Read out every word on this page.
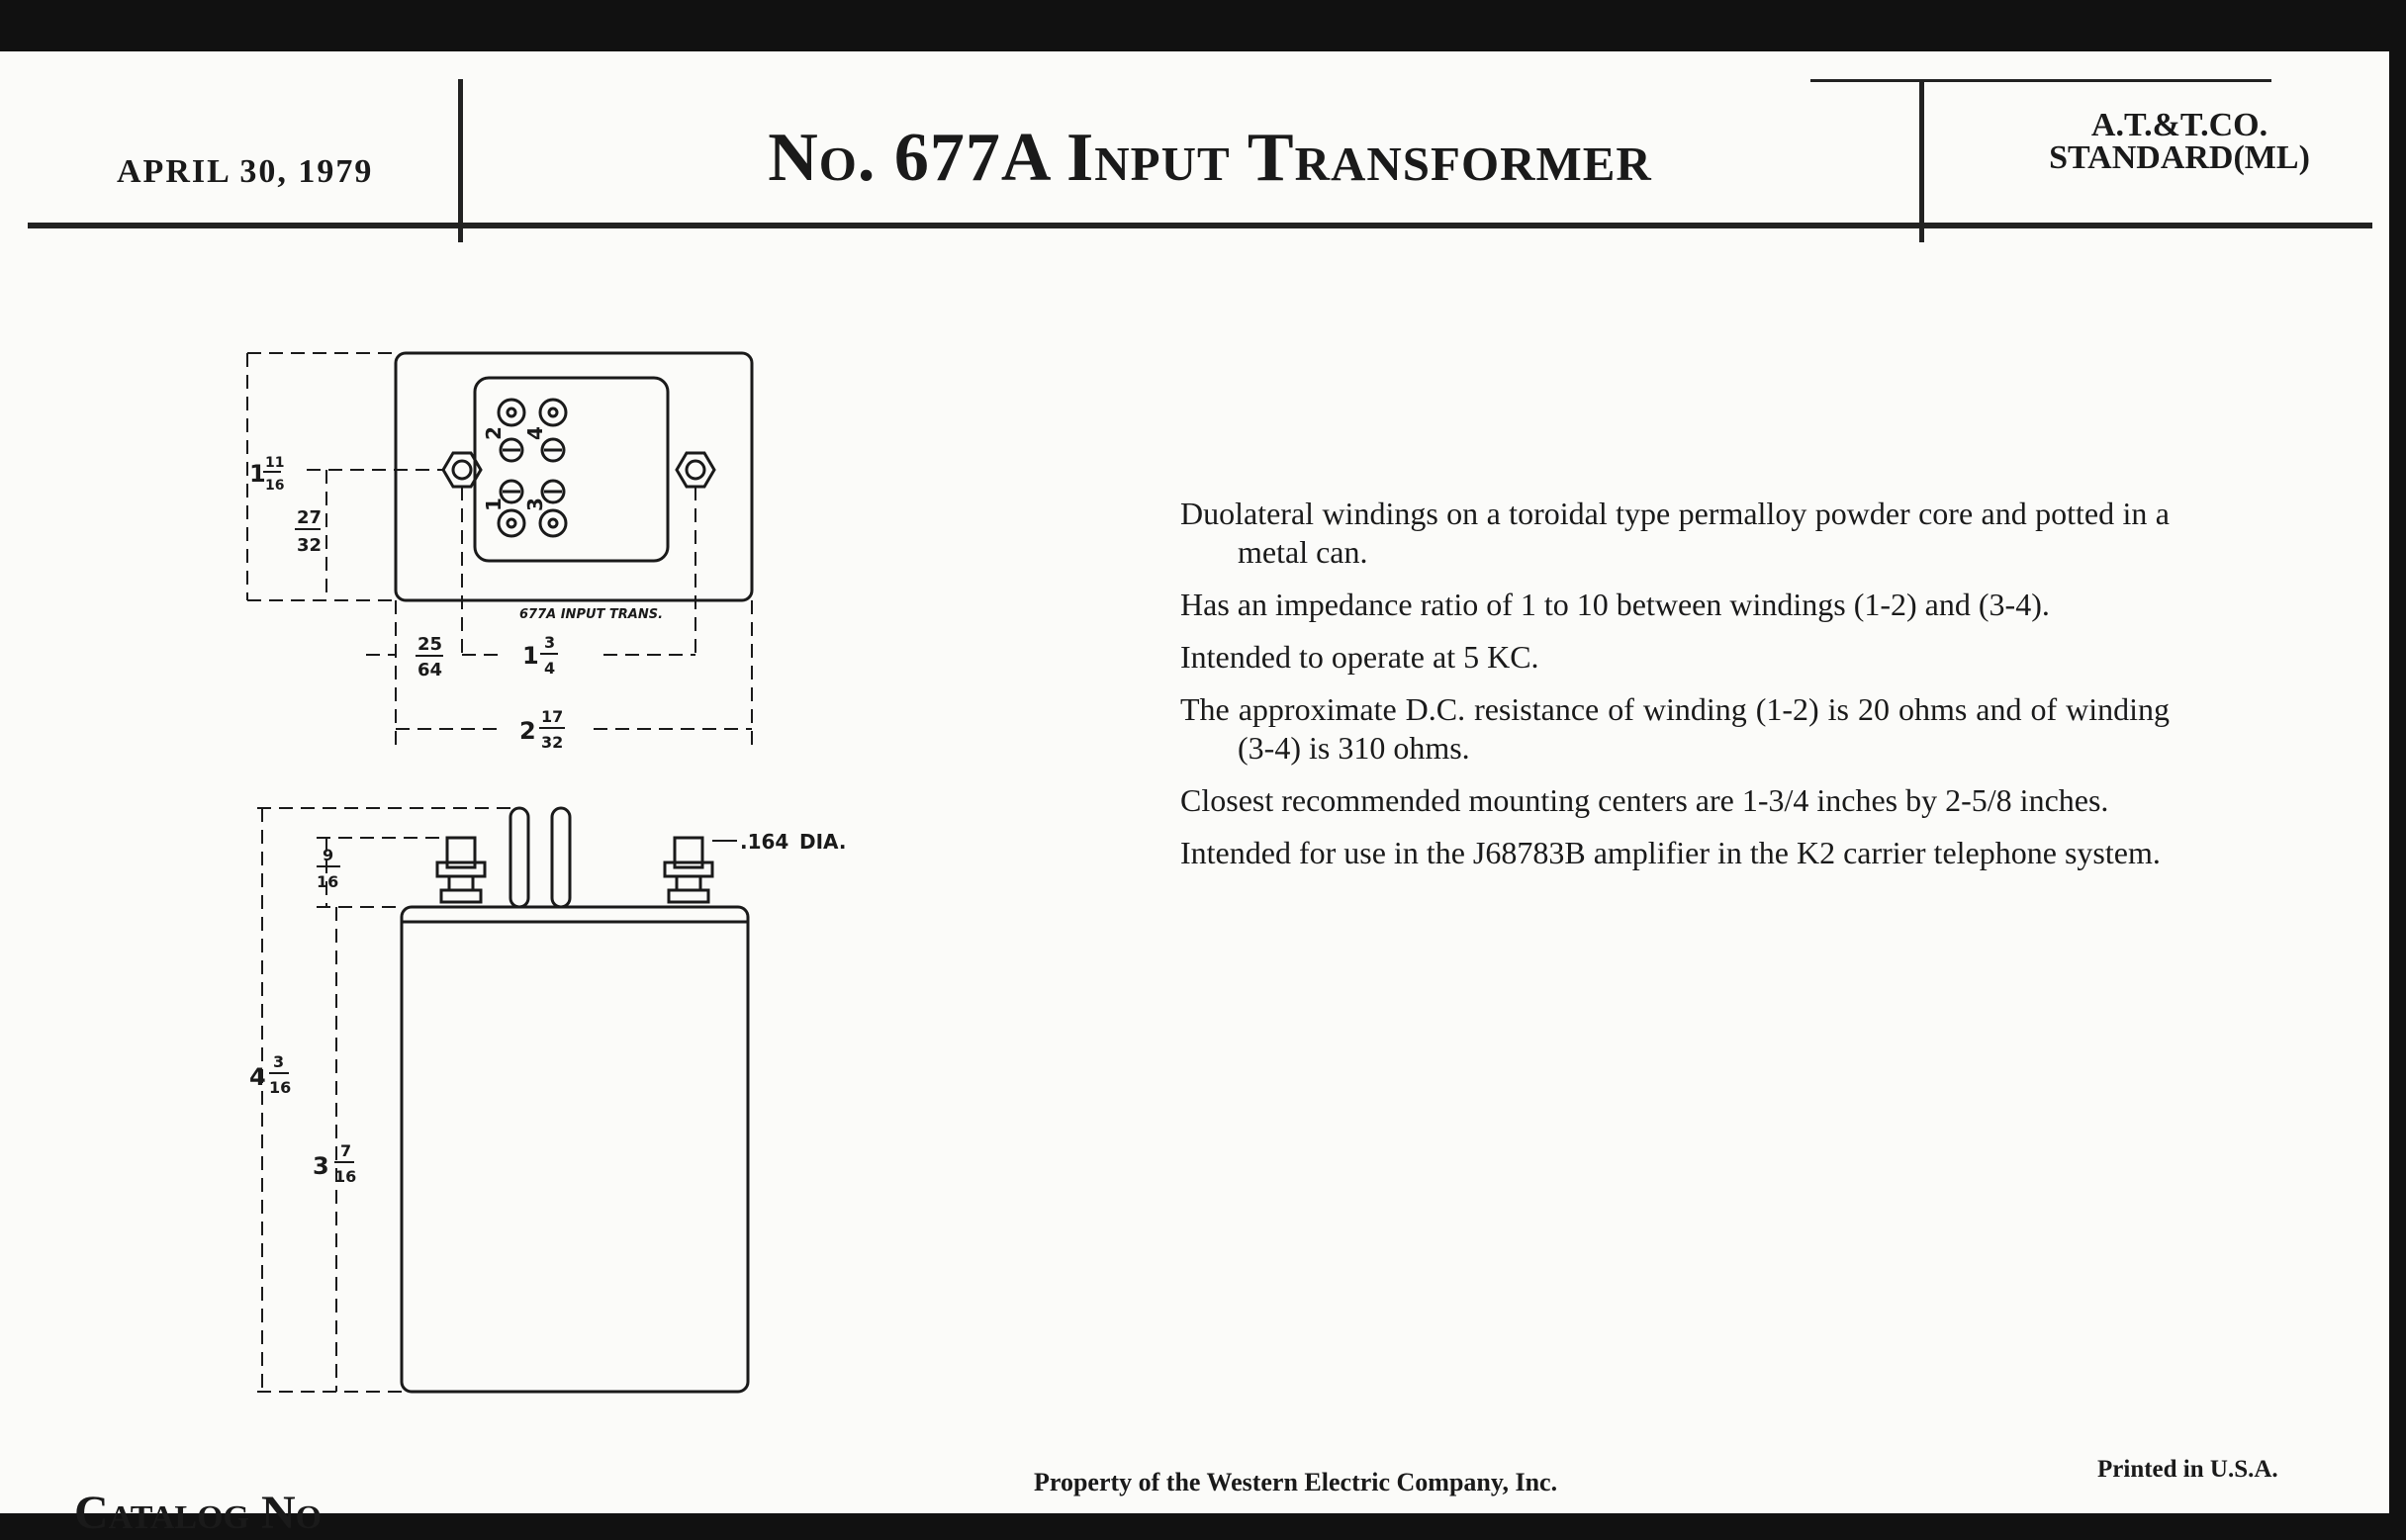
APRIL 30, 1979	No. 677A Input Transformer	A.T.&T.CO.
STANDARD(ML)
1 11
16
27
32
677A INPUT TRANS.
25
64
1 3
4
2
17
32
.164 DIA.
9
16
4
3
16
3
7
16
2 4
1 3	Duolateral windings on a toroidal type permalloy powder core and potted in a metal can.

Has an impedance ratio of 1 to 10 between windings (1-2) and (3-4).

Intended to operate at 5 KC.

The approximate D.C. resistance of winding (1-2) is 20 ohms and of winding (3-4) is 310 ohms.

Closest recommended mounting centers are 1-3/4 inches by 2-5/8 inches.

Intended for use in the J68783B amplifier in the K2 carrier telephone system.

Catalog No
Property of the Western Electric Company, Inc.	Printed in U.S.A.
